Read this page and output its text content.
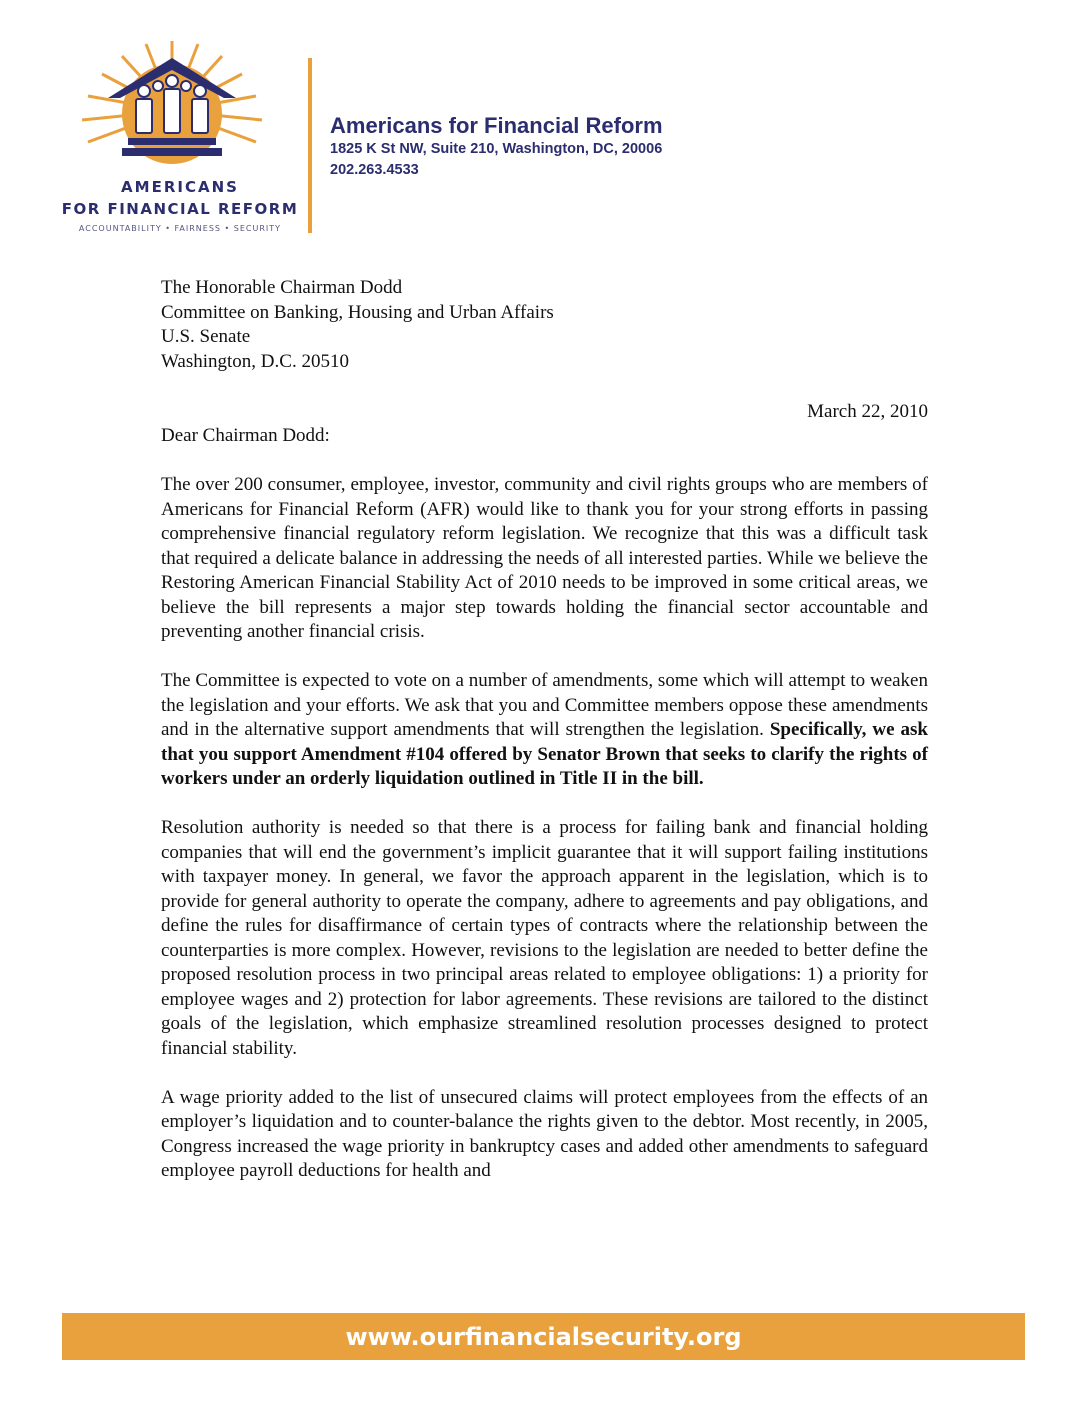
AMERICANS
FOR FINANCIAL REFORM
ACCOUNTABILITY • FAIRNESS • SECURITY
Americans for Financial Reform
1825 K St NW, Suite 210, Washington, DC, 20006
202.263.4533
The Honorable Chairman Dodd
Committee on Banking, Housing and Urban Affairs
U.S. Senate
Washington, D.C. 20510
March 22, 2010
Dear Chairman Dodd:

The over 200 consumer, employee, investor, community and civil rights groups who are members of Americans for Financial Reform (AFR) would like to thank you for your strong efforts in passing comprehensive financial regulatory reform legislation. We recognize that this was a difficult task that required a delicate balance in addressing the needs of all interested parties. While we believe the Restoring American Financial Stability Act of 2010 needs to be improved in some critical areas, we believe the bill represents a major step towards holding the financial sector accountable and preventing another financial crisis.

The Committee is expected to vote on a number of amendments, some which will attempt to weaken the legislation and your efforts. We ask that you and Committee members oppose these amendments and in the alternative support amendments that will strengthen the legislation. Specifically, we ask that you support Amendment #104 offered by Senator Brown that seeks to clarify the rights of workers under an orderly liquidation outlined in Title II in the bill.

Resolution authority is needed so that there is a process for failing bank and financial holding companies that will end the government’s implicit guarantee that it will support failing institutions with taxpayer money. In general, we favor the approach apparent in the legislation, which is to provide for general authority to operate the company, adhere to agreements and pay obligations, and define the rules for disaffirmance of certain types of contracts where the relationship between the counterparties is more complex. However, revisions to the legislation are needed to better define the proposed resolution process in two principal areas related to employee obligations: 1) a priority for employee wages and 2) protection for labor agreements. These revisions are tailored to the distinct goals of the legislation, which emphasize streamlined resolution processes designed to protect financial stability.

A wage priority added to the list of unsecured claims will protect employees from the effects of an employer’s liquidation and to counter-balance the rights given to the debtor. Most recently, in 2005, Congress increased the wage priority in bankruptcy cases and added other amendments to safeguard employee payroll deductions for health and

www.ourfinancialsecurity.org
